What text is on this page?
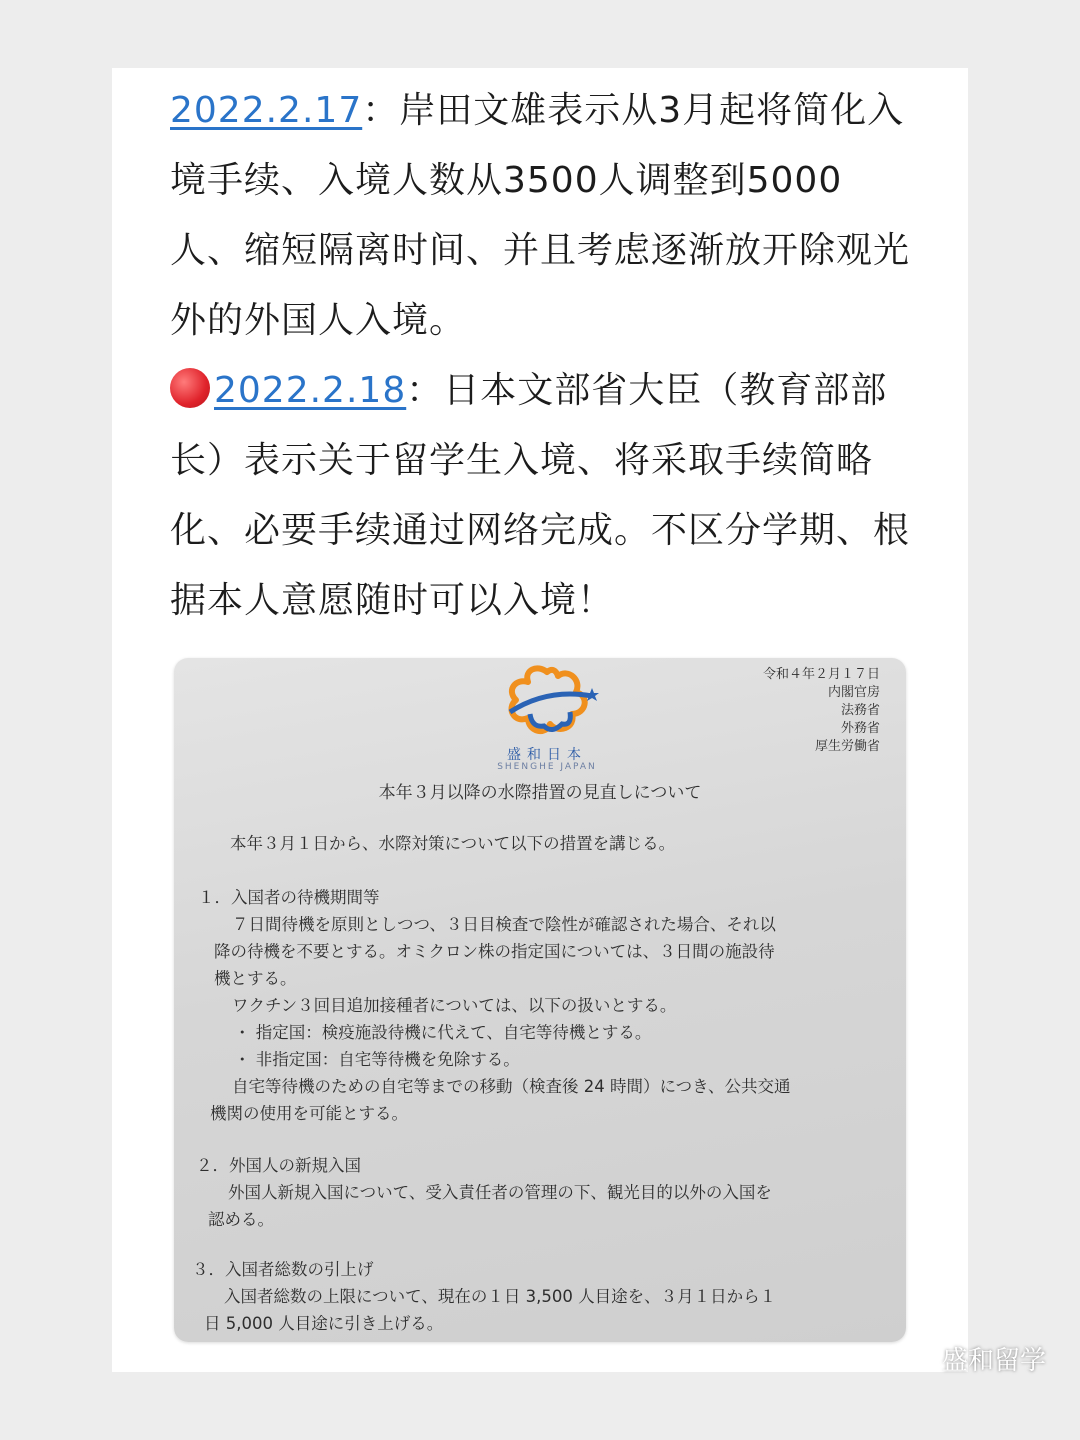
2022.2.17：岸田文雄表示从3月起将简化入境手续、入境人数从3500人调整到5000人、缩短隔离时间、并且考虑逐渐放开除观光外的外国人入境。
2022.2.18：日本文部省大臣（教育部部长）表示关于留学生入境、将采取手续简略化、必要手续通过网络完成。不区分学期、根据本人意愿随时可以入境！
盛和日本
SHENGHE JAPAN
令和４年２月１７日
内閣官房
法務省
外務省
厚生労働省
本年３月以降の水際措置の見直しについて
本年３月１日から、水際対策について以下の措置を講じる。
１．入国者の待機期間等
７日間待機を原則としつつ、３日目検査で陰性が確認された場合、それ以
降の待機を不要とする。オミクロン株の指定国については、３日間の施設待
機とする。
ワクチン３回目追加接種者については、以下の扱いとする。
・ 指定国：検疫施設待機に代えて、自宅等待機とする。
・ 非指定国：自宅等待機を免除する。
自宅等待機のための自宅等までの移動（検査後 24 時間）につき、公共交通
機関の使用を可能とする。
２．外国人の新規入国
外国人新規入国について、受入責任者の管理の下、観光目的以外の入国を
認める。
３．入国者総数の引上げ
入国者総数の上限について、現在の１日 3,500 人目途を、３月１日から１
日 5,000 人目途に引き上げる。
盛和留学
